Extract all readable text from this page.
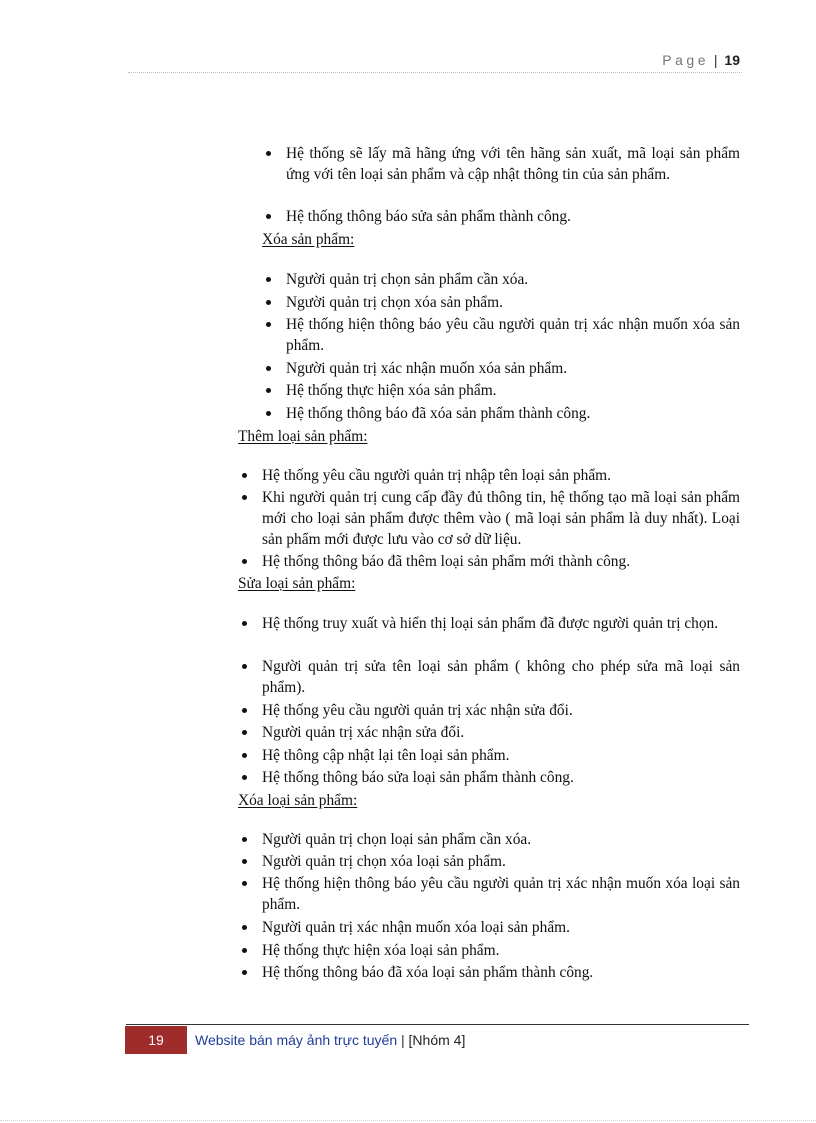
Page | 19
Hệ thống sẽ lấy mã hãng ứng với tên hãng sản xuất, mã loại sản phẩm ứng với tên loại sản phẩm và cập nhật thông tin của sản phẩm.
Hệ thống thông báo sửa sản phẩm thành công.
Xóa sản phẩm:
Người quản trị chọn sản phẩm cần xóa.
Người quản trị chọn xóa sản phẩm.
Hệ thống hiện thông báo yêu cầu người quản trị xác nhận muốn xóa sản phẩm.
Người quản trị xác nhận muốn xóa sản phẩm.
Hệ thống thực hiện xóa sản phẩm.
Hệ thống thông báo đã xóa sản phẩm thành công.
Thêm loại sản phẩm:
Hệ thống yêu cầu người quản trị nhập tên loại sản phẩm.
Khi người quản trị cung cấp đầy đủ thông tin, hệ thống tạo mã loại sản phẩm mới cho loại sản phẩm được thêm vào ( mã loại sản phẩm là duy nhất). Loại sản phẩm mới được lưu vào cơ sở dữ liệu.
Hệ thống thông báo đã thêm loại sản phẩm mới thành công.
Sửa loại sản phẩm:
Hệ thống truy xuất và hiển thị loại sản phẩm đã được người quản trị chọn.
Người quản trị sửa tên loại sản phẩm ( không cho phép sửa mã loại sản phẩm).
Hệ thống yêu cầu người quản trị xác nhận sửa đổi.
Người quản trị xác nhận sửa đổi.
Hệ thông cập nhật lại tên loại sản phẩm.
Hệ thống thông báo sửa loại sản phẩm thành công.
Xóa loại sản phẩm:
Người quản trị chọn loại sản phẩm cần xóa.
Người quản trị chọn xóa loại sản phẩm.
Hệ thống hiện thông báo yêu cầu người quản trị xác nhận muốn xóa loại sản phẩm.
Người quản trị xác nhận muốn xóa loại sản phẩm.
Hệ thống thực hiện xóa loại sản phẩm.
Hệ thống thông báo đã xóa loại sản phẩm thành công.
19	Website bán máy ảnh trực tuyến | [Nhóm 4]
